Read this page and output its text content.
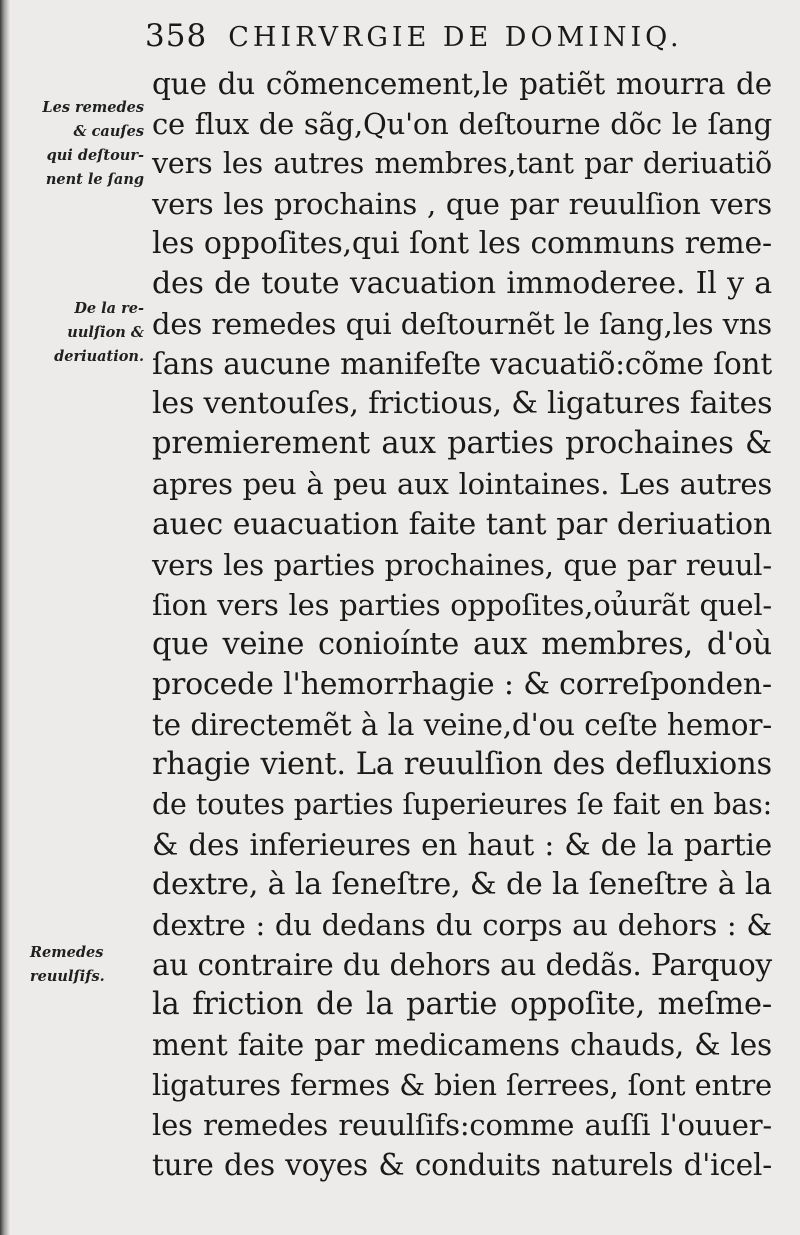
358 CHIRVRGIE DE DOMINIQ.
Les remedes
& cauſes
qui deſtour-
nent le ſang
De la re-
uulſion &
deriuation.
Remedes
reuulſifs.
que du cõmencement,le patiẽt mourra de
ce flux de sãg,Qu'on deſtourne dõc le ſang
vers les autres membres,tant par deriuatiõ
vers les prochains , que par reuulſion vers
les oppoſites,qui ſont les communs reme-
des de toute vacuation immoderee. Il y a
des remedes qui deſtournẽt le ſang,les vns
ſans aucune manifeſte vacuatiõ:cõme ſont
les ventouſes, frictious, & ligatures faites
premierement aux parties prochaines &
apres peu à peu aux lointaines. Les autres
auec euacuation faite tant par deriuation
vers les parties prochaines, que par reuul-
ſion vers les parties oppoſites,oủurãt quel-
que veine conioínte aux membres, d'où
procede l'hemorrhagie : & correſponden-
te directemẽt à la veine,d'ou ceſte hemor-
rhagie vient. La reuulſion des defluxions
de toutes parties ſuperieures ſe fait en bas:
& des inferieures en haut : & de la partie
dextre, à la ſeneſtre, & de la ſeneſtre à la
dextre : du dedans du corps au dehors : &
au contraire du dehors au dedãs. Parquoy
la friction de la partie oppoſite, meſme-
ment faite par medicamens chauds, & les
ligatures fermes & bien ſerrees, ſont entre
les remedes reuulſifs:comme auſſi l'ouuer-
ture des voyes & conduits naturels d'icel-
